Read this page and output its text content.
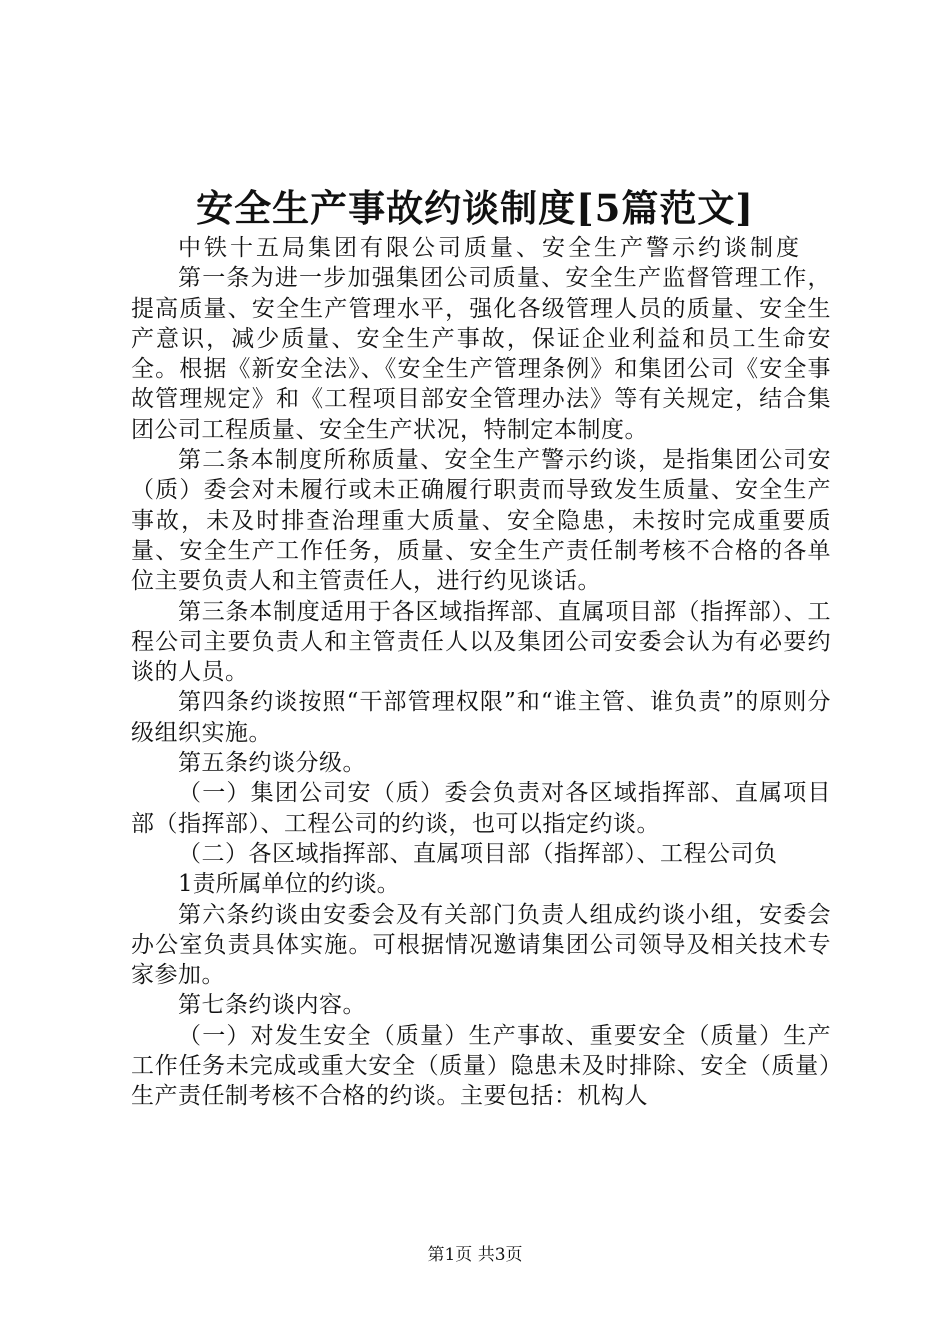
安全生产事故约谈制度[5篇范文]

中铁十五局集团有限公司质量、安全生产警示约谈制度

第一条为进一步加强集团公司质量、安全生产监督管理工作，提高质量、安全生产管理水平，强化各级管理人员的质量、安全生产意识，减少质量、安全生产事故，保证企业利益和员工生命安全。根据《新安全法》、《安全生产管理条例》和集团公司《安全事故管理规定》和《工程项目部安全管理办法》等有关规定，结合集团公司工程质量、安全生产状况，特制定本制度。

第二条本制度所称质量、安全生产警示约谈，是指集团公司安（质）委会对未履行或未正确履行职责而导致发生质量、安全生产事故，未及时排查治理重大质量、安全隐患，未按时完成重要质量、安全生产工作任务，质量、安全生产责任制考核不合格的各单位主要负责人和主管责任人，进行约见谈话。

第三条本制度适用于各区域指挥部、直属项目部（指挥部）、工程公司主要负责人和主管责任人以及集团公司安委会认为有必要约谈的人员。

第四条约谈按照“干部管理权限”和“谁主管、谁负责”的原则分级组织实施。

第五条约谈分级。

（一）集团公司安（质）委会负责对各区域指挥部、直属项目部（指挥部）、工程公司的约谈，也可以指定约谈。

（二）各区域指挥部、直属项目部（指挥部）、工程公司负

1责所属单位的约谈。

第六条约谈由安委会及有关部门负责人组成约谈小组，安委会办公室负责具体实施。可根据情况邀请集团公司领导及相关技术专家参加。

第七条约谈内容。

（一）对发生安全（质量）生产事故、重要安全（质量）生产工作任务未完成或重大安全（质量）隐患未及时排除、安全（质量）生产责任制考核不合格的约谈。主要包括：机构人

第1页 共3页
